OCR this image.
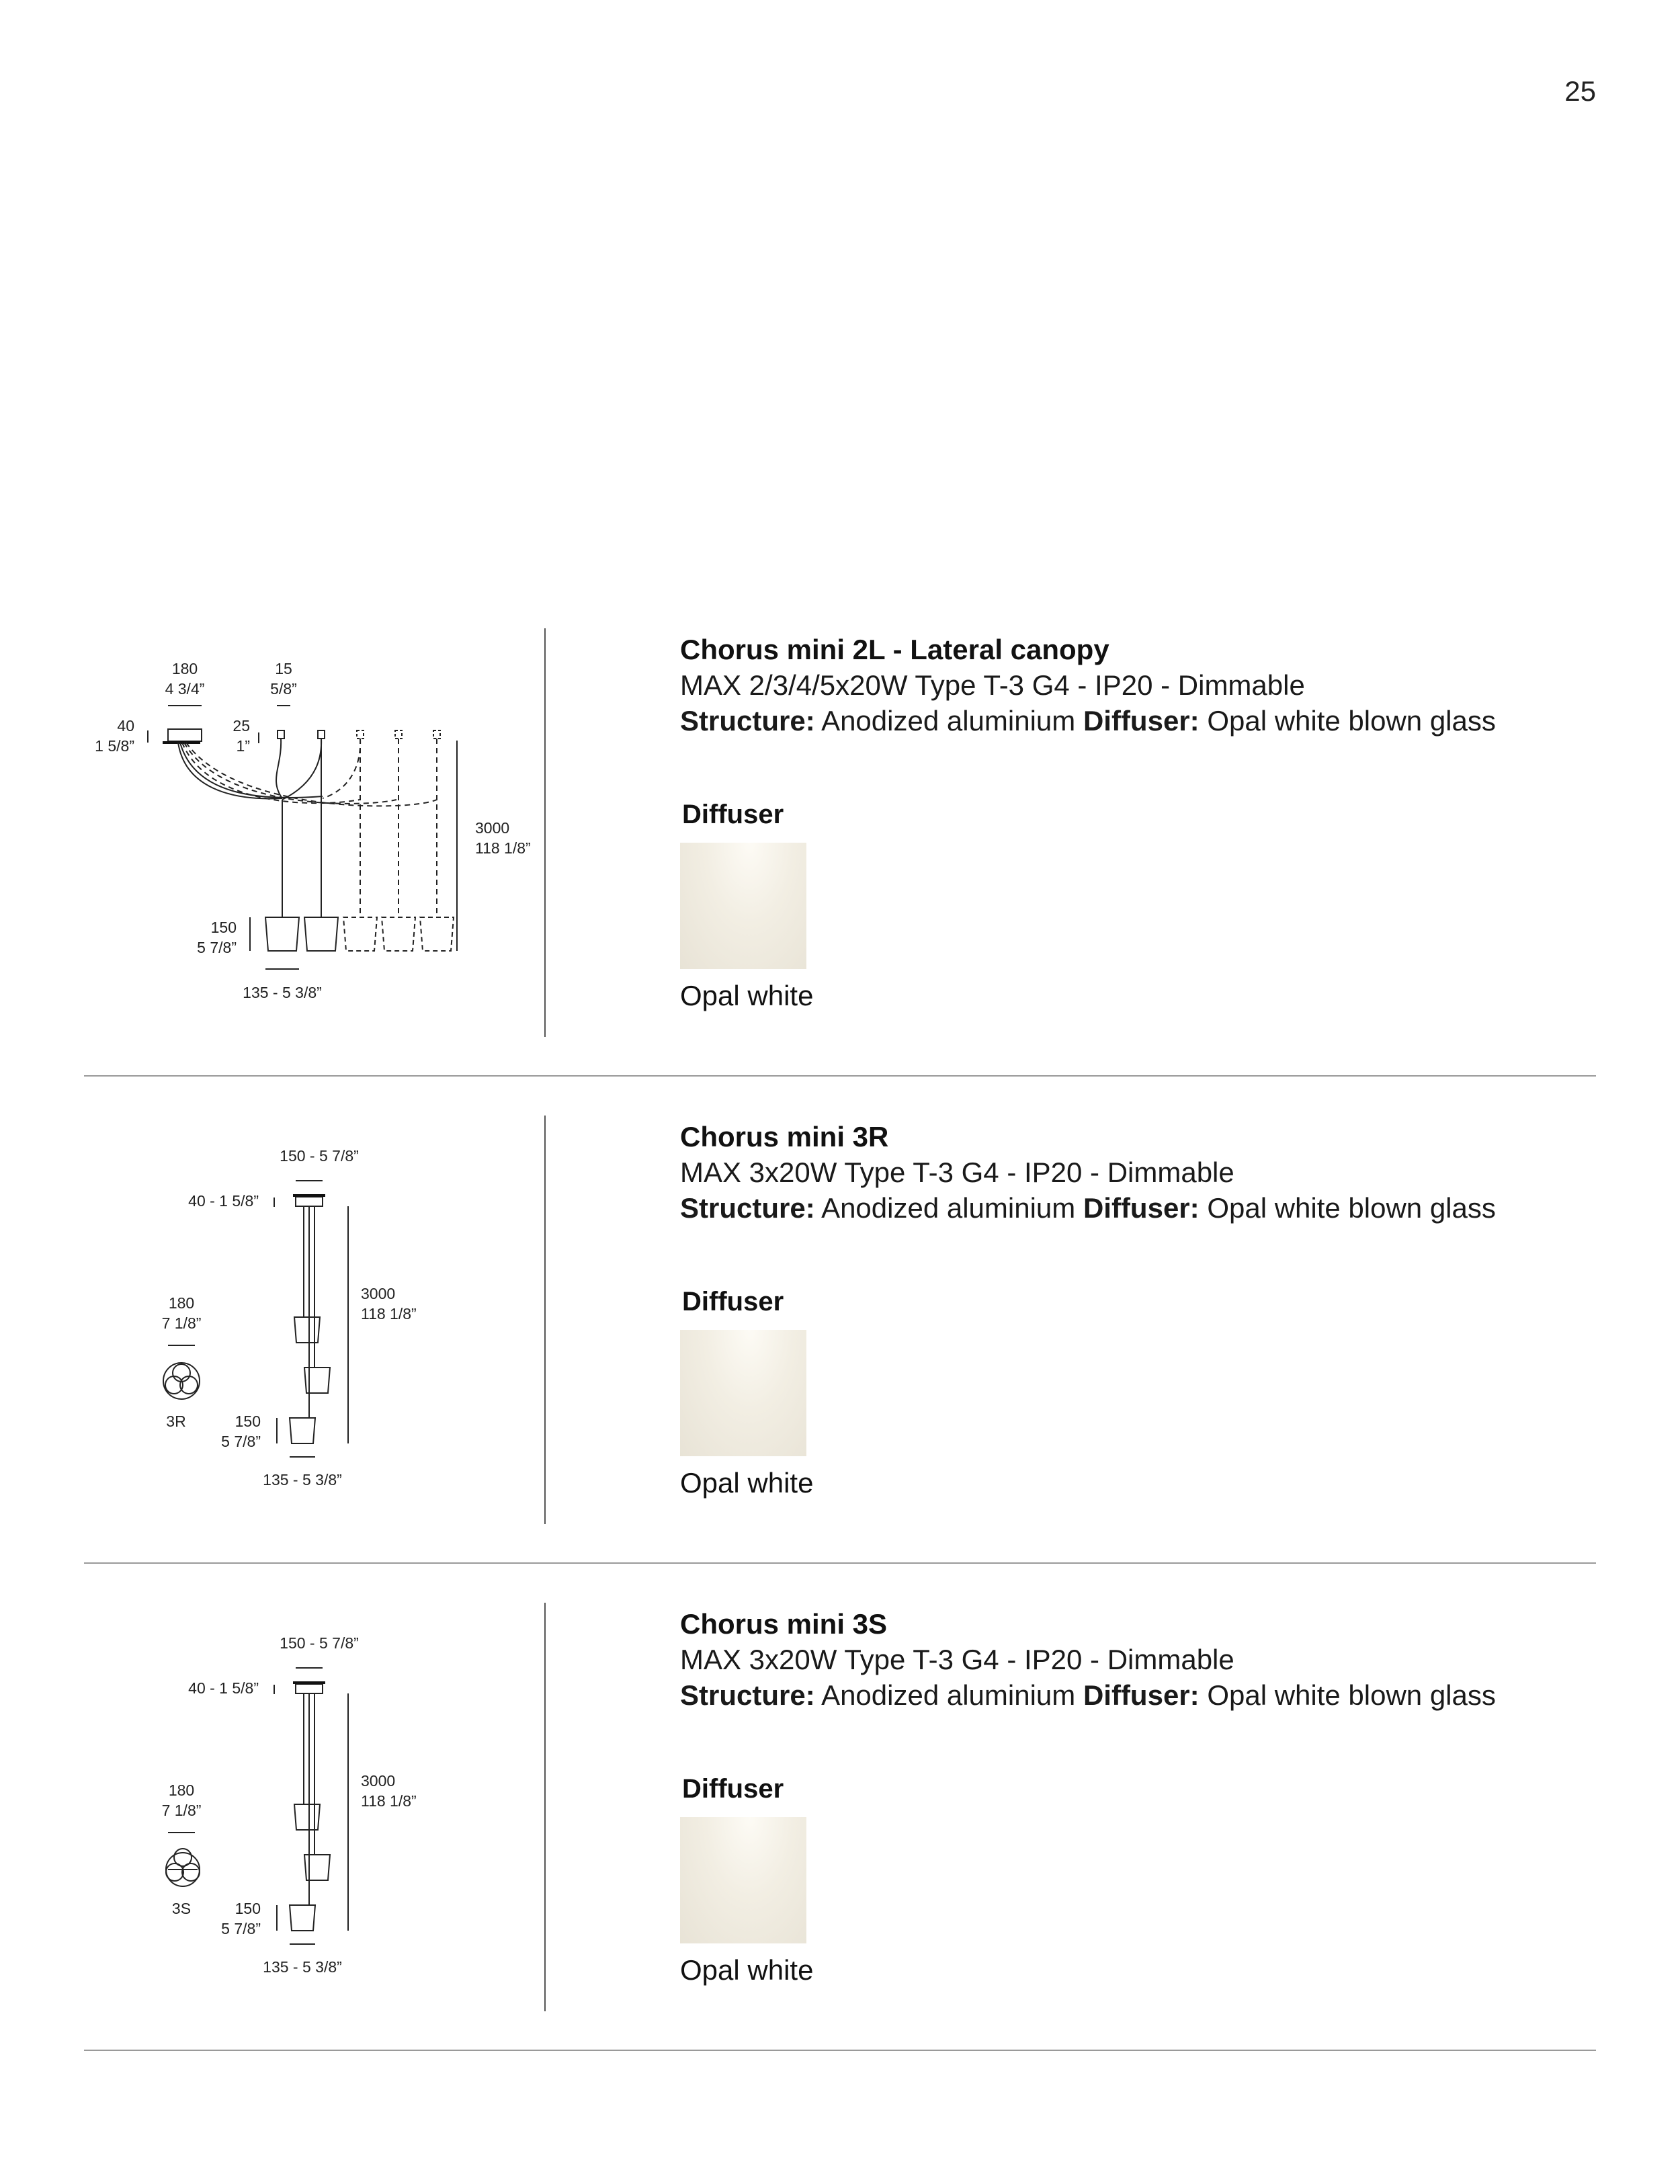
25
180
4 3/4”
15
5/8”
40
1 5/8”
25
1”
3000
118 1/8”
150
5 7/8”
135 - 5 3/8”

Chorus mini 2L - Lateral canopy

MAX 2/3/4/5x20W Type T-3 G4 - IP20 - Dimmable

Structure: Anodized aluminium Diffuser: Opal white blown glass

Diffuser
Opal white
150 - 5 7/8”
40 - 1 5/8”
3000
118 1/8”
180
7 1/8”
3R	150
5 7/8”
135 - 5 3/8”

Chorus mini 3R

MAX 3x20W Type T-3 G4 - IP20 - Dimmable

Structure: Anodized aluminium Diffuser: Opal white blown glass

Diffuser
Opal white
150 - 5 7/8”
40 - 1 5/8”
3000
118 1/8”
180
7 1/8”
3S	150
5 7/8”
135 - 5 3/8”

Chorus mini 3S

MAX 3x20W Type T-3 G4 - IP20 - Dimmable

Structure: Anodized aluminium Diffuser: Opal white blown glass

Diffuser
Opal white
